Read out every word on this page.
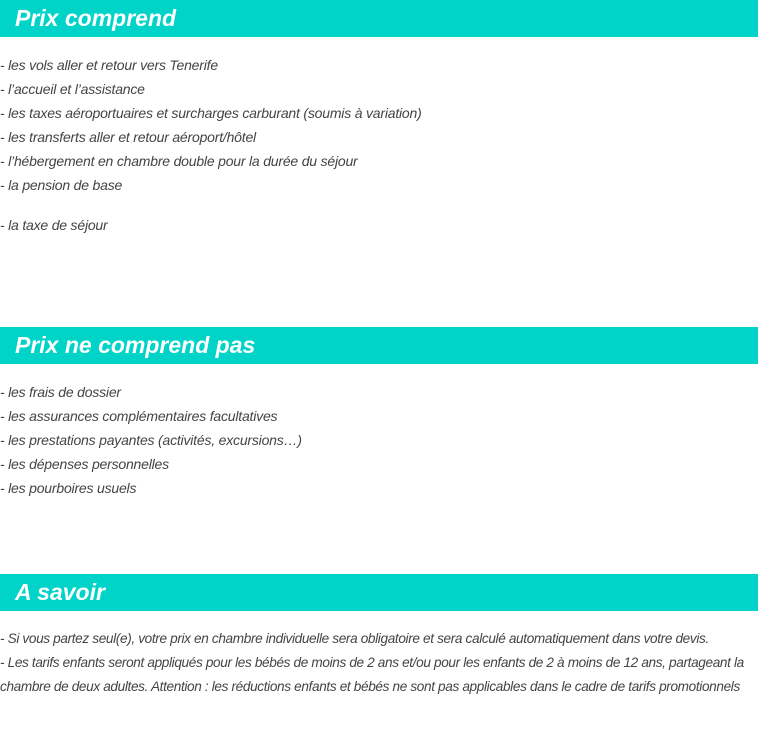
Prix comprend
- les vols aller et retour vers Tenerife
- l’accueil et l’assistance
- les taxes aéroportuaires et surcharges carburant (soumis à variation)
- les transferts aller et retour aéroport/hôtel
- l’hébergement en chambre double pour la durée du séjour
- la pension de base
- la taxe de séjour
Prix ne comprend pas
- les frais de dossier
- les assurances complémentaires facultatives
- les prestations payantes (activités, excursions…)
- les dépenses personnelles
- les pourboires usuels
A savoir
- Si vous partez seul(e), votre prix en chambre individuelle sera obligatoire et sera calculé automatiquement dans votre devis.
- Les tarifs enfants seront appliqués pour les bébés de moins de 2 ans et/ou pour les enfants de 2 à moins de 12 ans, partageant la chambre de deux adultes. Attention : les réductions enfants et bébés ne sont pas applicables dans le cadre de tarifs promotionnels
